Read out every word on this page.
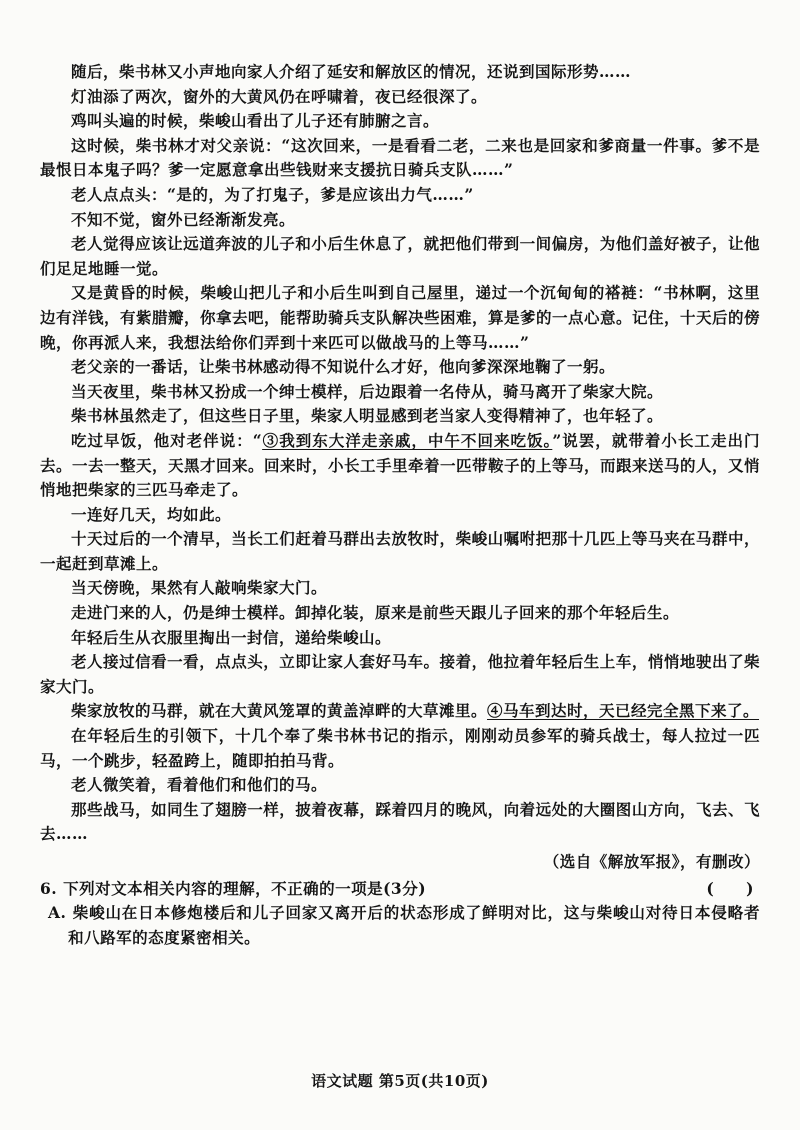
随后，柴书林又小声地向家人介绍了延安和解放区的情况，还说到国际形势……

灯油添了两次，窗外的大黄风仍在呼啸着，夜已经很深了。

鸡叫头遍的时候，柴峻山看出了儿子还有肺腑之言。

这时候，柴书林才对父亲说：“这次回来，一是看看二老，二来也是回家和爹商量一件事。爹不是最恨日本鬼子吗？爹一定愿意拿出些钱财来支援抗日骑兵支队……”

老人点点头：“是的，为了打鬼子，爹是应该出力气……”

不知不觉，窗外已经渐渐发亮。

老人觉得应该让远道奔波的儿子和小后生休息了，就把他们带到一间偏房，为他们盖好被子，让他们足足地睡一觉。

又是黄昏的时候，柴峻山把儿子和小后生叫到自己屋里，递过一个沉甸甸的褡裢：“书林啊，这里边有洋钱，有紫腊瓣，你拿去吧，能帮助骑兵支队解决些困难，算是爹的一点心意。记住，十天后的傍晚，你再派人来，我想法给你们弄到十来匹可以做战马的上等马……”

老父亲的一番话，让柴书林感动得不知说什么才好，他向爹深深地鞠了一躬。

当天夜里，柴书林又扮成一个绅士模样，后边跟着一名侍从，骑马离开了柴家大院。

柴书林虽然走了，但这些日子里，柴家人明显感到老当家人变得精神了，也年轻了。

吃过早饭，他对老伴说：“③我到东大洋走亲戚，中午不回来吃饭。”说罢，就带着小长工走出门去。一去一整天，天黑才回来。回来时，小长工手里牵着一匹带鞍子的上等马，而跟来送马的人，又悄悄地把柴家的三匹马牵走了。

一连好几天，均如此。

十天过后的一个清早，当长工们赶着马群出去放牧时，柴峻山嘱咐把那十几匹上等马夹在马群中，一起赶到草滩上。

当天傍晚，果然有人敲响柴家大门。

走进门来的人，仍是绅士模样。卸掉化装，原来是前些天跟儿子回来的那个年轻后生。

年轻后生从衣服里掏出一封信，递给柴峻山。

老人接过信看一看，点点头，立即让家人套好马车。接着，他拉着年轻后生上车，悄悄地驶出了柴家大门。

柴家放牧的马群，就在大黄风笼罩的黄盖淖畔的大草滩里。④马车到达时，天已经完全黑下来了。

在年轻后生的引领下，十几个奉了柴书林书记的指示，刚刚动员参军的骑兵战士，每人拉过一匹马，一个跳步，轻盈跨上，随即拍拍马背。

老人微笑着，看着他们和他们的马。

那些战马，如同生了翅膀一样，披着夜幕，踩着四月的晚风，向着远处的大圈图山方向，飞去、飞去……

（选自《解放军报》，有删改）
6. 下列对文本相关内容的理解，不正确的一项是(3分)	(　　)
A. 柴峻山在日本修炮楼后和儿子回家又离开后的状态形成了鲜明对比，这与柴峻山对待日本侵略者和八路军的态度紧密相关。
语文试题 第5页(共10页)
